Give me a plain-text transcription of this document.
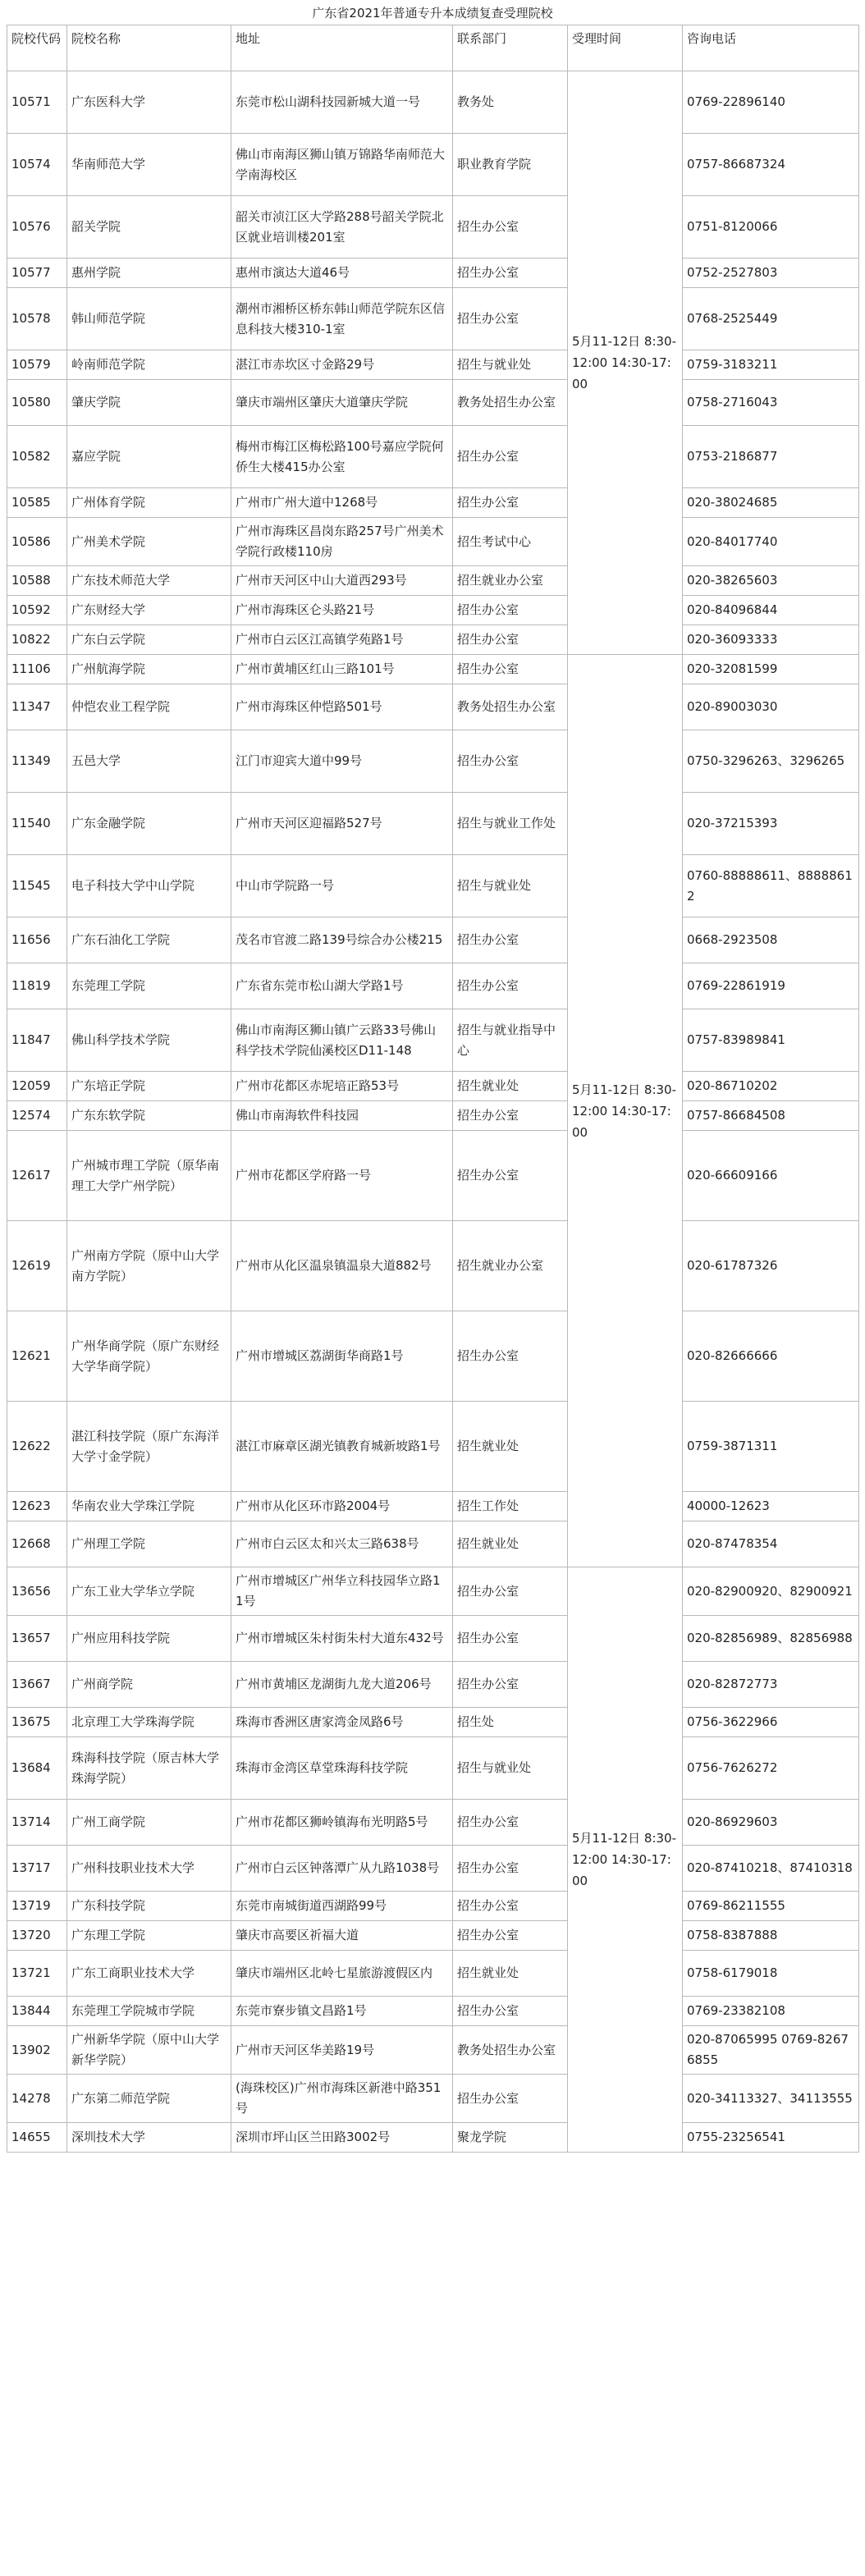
广东省2021年普通专升本成绩复查受理院校
院校代码	院校名称	地址	联系部门	受理时间	咨询电话
10571	广东医科大学	东莞市松山湖科技园新城大道一号	教务处	5月11-12日 8:30-12:00 14:30-17:00	0769-22896140
10574	华南师范大学	佛山市南海区狮山镇万锦路华南师范大学南海校区	职业教育学院		0757-86687324
10576	韶关学院	韶关市浈江区大学路288号韶关学院北区就业培训楼201室	招生办公室		0751-8120066
10577	惠州学院	惠州市演达大道46号	招生办公室		0752-2527803
10578	韩山师范学院	潮州市湘桥区桥东韩山师范学院东区信息科技大楼310-1室	招生办公室		0768-2525449
10579	岭南师范学院	湛江市赤坎区寸金路29号	招生与就业处		0759-3183211
10580	肇庆学院	肇庆市端州区肇庆大道肇庆学院	教务处招生办公室		0758-2716043
10582	嘉应学院	梅州市梅江区梅松路100号嘉应学院何侨生大楼415办公室	招生办公室		0753-2186877
10585	广州体育学院	广州市广州大道中1268号	招生办公室		020-38024685
10586	广州美术学院	广州市海珠区昌岗东路257号广州美术学院行政楼110房	招生考试中心		020-84017740
10588	广东技术师范大学	广州市天河区中山大道西293号	招生就业办公室		020-38265603
10592	广东财经大学	广州市海珠区仑头路21号	招生办公室		020-84096844
10822	广东白云学院	广州市白云区江高镇学苑路1号	招生办公室		020-36093333
11106	广州航海学院	广州市黄埔区红山三路101号	招生办公室	5月11-12日 8:30-12:00 14:30-17:00	020-32081599
11347	仲恺农业工程学院	广州市海珠区仲恺路501号	教务处招生办公室		020-89003030
11349	五邑大学	江门市迎宾大道中99号	招生办公室		0750-3296263、3296265
11540	广东金融学院	广州市天河区迎福路527号	招生与就业工作处		020-37215393
11545	电子科技大学中山学院	中山市学院路一号	招生与就业处		0760-88888611、88888612
11656	广东石油化工学院	茂名市官渡二路139号综合办公楼215	招生办公室		0668-2923508
11819	东莞理工学院	广东省东莞市松山湖大学路1号	招生办公室		0769-22861919
11847	佛山科学技术学院	佛山市南海区狮山镇广云路33号佛山科学技术学院仙溪校区D11-148	招生与就业指导中心		0757-83989841
12059	广东培正学院	广州市花都区赤坭培正路53号	招生就业处		020-86710202
12574	广东东软学院	佛山市南海软件科技园	招生办公室		0757-86684508
12617	广州城市理工学院（原华南理工大学广州学院）	广州市花都区学府路一号	招生办公室		020-66609166
12619	广州南方学院（原中山大学南方学院）	广州市从化区温泉镇温泉大道882号	招生就业办公室		020-61787326
12621	广州华商学院（原广东财经大学华商学院）	广州市增城区荔湖街华商路1号	招生办公室		020-82666666
12622	湛江科技学院（原广东海洋大学寸金学院）	湛江市麻章区湖光镇教育城新坡路1号	招生就业处		0759-3871311
12623	华南农业大学珠江学院	广州市从化区环市路2004号	招生工作处		40000-12623
12668	广州理工学院	广州市白云区太和兴太三路638号	招生就业处		020-87478354
13656	广东工业大学华立学院	广州市增城区广州华立科技园华立路11号	招生办公室	5月11-12日 8:30-12:00 14:30-17:00	020-82900920、82900921
13657	广州应用科技学院	广州市增城区朱村街朱村大道东432号	招生办公室		020-82856989、82856988
13667	广州商学院	广州市黄埔区龙湖街九龙大道206号	招生办公室		020-82872773
13675	北京理工大学珠海学院	珠海市香洲区唐家湾金凤路6号	招生处		0756-3622966
13684	珠海科技学院（原吉林大学珠海学院）	珠海市金湾区草堂珠海科技学院	招生与就业处		0756-7626272
13714	广州工商学院	广州市花都区狮岭镇海布光明路5号	招生办公室		020-86929603
13717	广州科技职业技术大学	广州市白云区钟落潭广从九路1038号	招生办公室		020-87410218、87410318
13719	广东科技学院	东莞市南城街道西湖路99号	招生办公室		0769-86211555
13720	广东理工学院	肇庆市高要区祈福大道	招生办公室		0758-8387888
13721	广东工商职业技术大学	肇庆市端州区北岭七星旅游渡假区内	招生就业处		0758-6179018
13844	东莞理工学院城市学院	东莞市寮步镇文昌路1号	招生办公室		0769-23382108
13902	广州新华学院（原中山大学新华学院）	广州市天河区华美路19号	教务处招生办公室		020-87065995 0769-82676855
14278	广东第二师范学院	(海珠校区)广州市海珠区新港中路351号	招生办公室		020-34113327、34113555
14655	深圳技术大学	深圳市坪山区兰田路3002号	聚龙学院		0755-23256541
